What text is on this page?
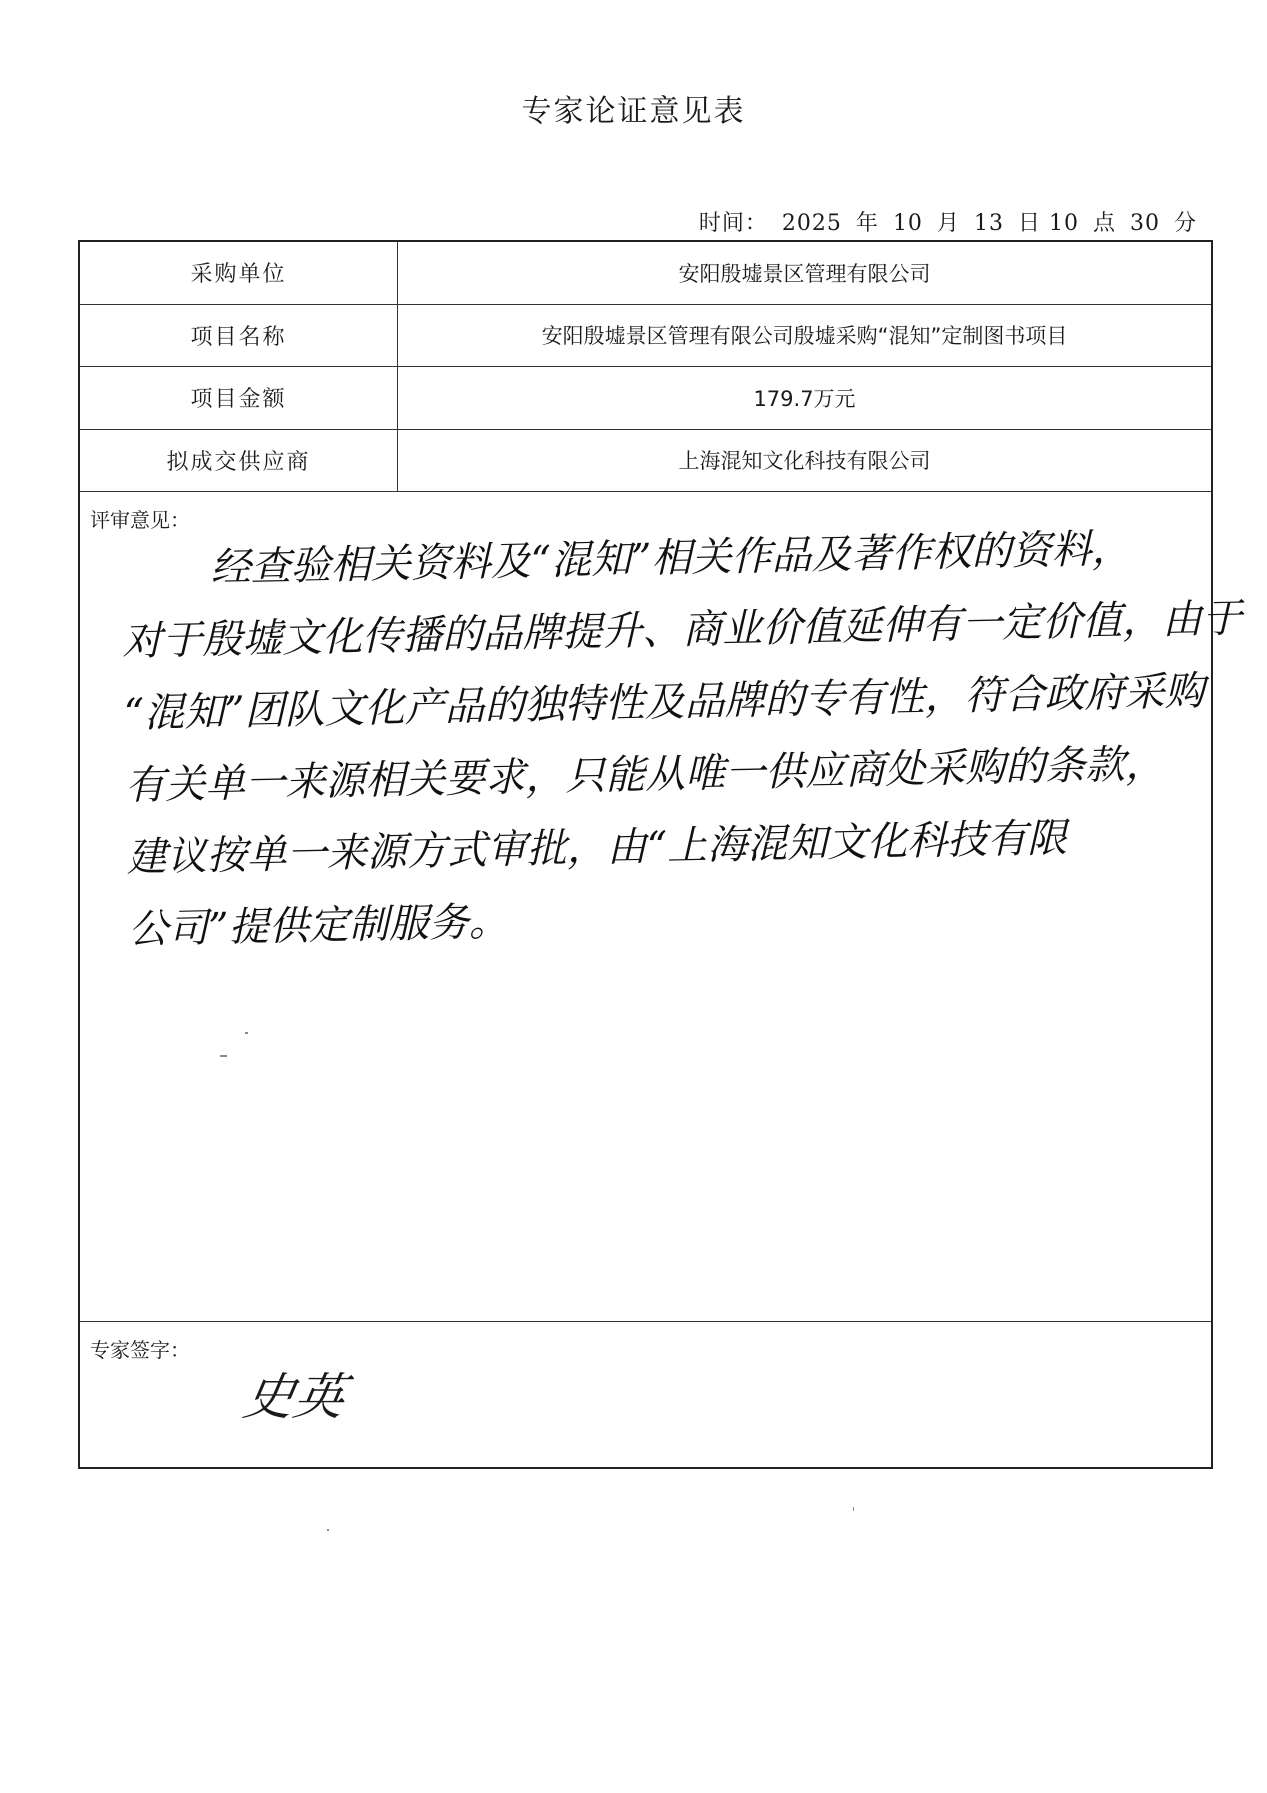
专家论证意见表
时间： 2025 年 10 月 13 日 10 点 30 分
采购单位	安阳殷墟景区管理有限公司
项目名称	安阳殷墟景区管理有限公司殷墟采购“混知”定制图书项目
项目金额	179.7万元
拟成交供应商	上海混知文化科技有限公司
评审意见：
经查验相关资料及“混知”相关作品及著作权的资料，
对于殷墟文化传播的品牌提升、商业价值延伸有一定价值，由于
“混知”团队文化产品的独特性及品牌的专有性，符合政府采购
有关单一来源相关要求，只能从唯一供应商处采购的条款，
建议按单一来源方式审批，由“上海混知文化科技有限
公司”提供定制服务。
专家签字：
史英
